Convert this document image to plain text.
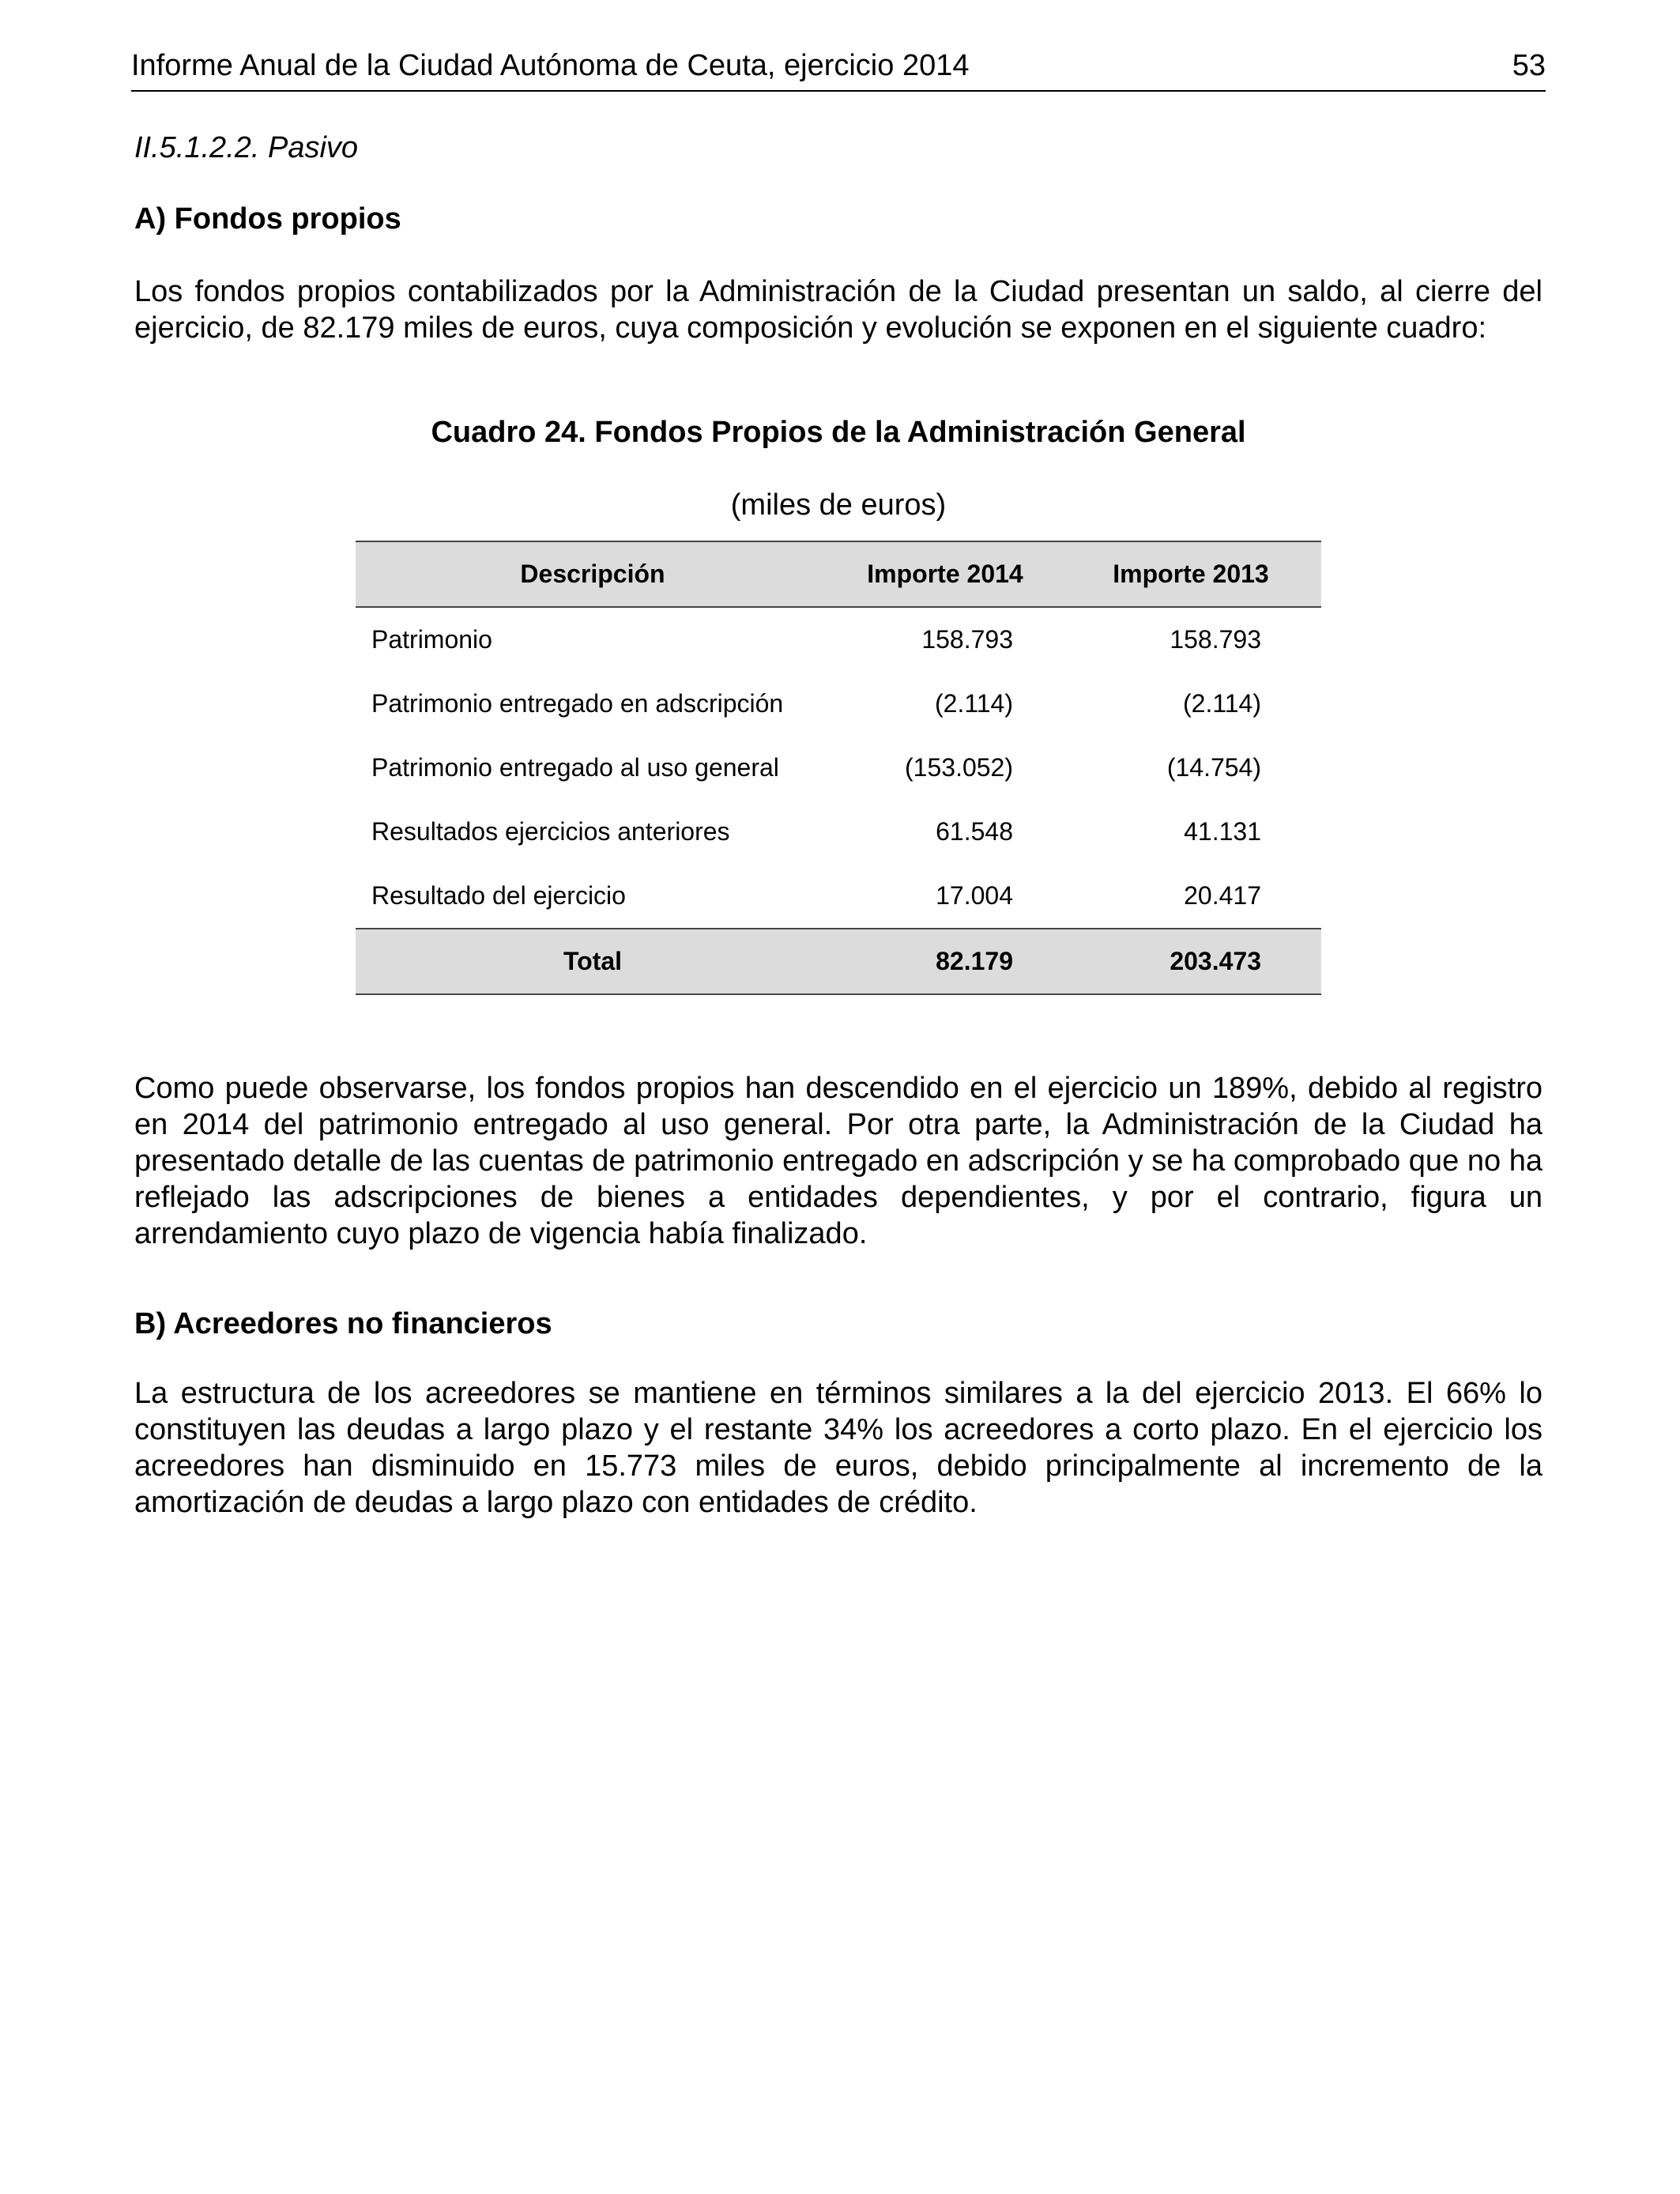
Informe Anual de la Ciudad Autónoma de Ceuta, ejercicio 2014	53
II.5.1.2.2. Pasivo
A) Fondos propios

Los fondos propios contabilizados por la Administración de la Ciudad presentan un saldo, al cierre del ejercicio, de 82.179 miles de euros, cuya composición y evolución se exponen en el siguiente cuadro:

Cuadro 24. Fondos Propios de la Administración General
(miles de euros)
Descripción	Importe 2014	Importe 2013
Patrimonio	158.793	158.793
Patrimonio entregado en adscripción	(2.114)	(2.114)
Patrimonio entregado al uso general	(153.052)	(14.754)
Resultados ejercicios anteriores	61.548	41.131
Resultado del ejercicio	17.004	20.417
Total	82.179	203.473

Como puede observarse, los fondos propios han descendido en el ejercicio un 189%, debido al registro en 2014 del patrimonio entregado al uso general. Por otra parte, la Administración de la Ciudad ha presentado detalle de las cuentas de patrimonio entregado en adscripción y se ha comprobado que no ha reflejado las adscripciones de bienes a entidades dependientes, y por el contrario, figura un arrendamiento cuyo plazo de vigencia había finalizado.

B) Acreedores no financieros

La estructura de los acreedores se mantiene en términos similares a la del ejercicio 2013. El 66% lo constituyen las deudas a largo plazo y el restante 34% los acreedores a corto plazo. En el ejercicio los acreedores han disminuido en 15.773 miles de euros, debido principalmente al incremento de la amortización de deudas a largo plazo con entidades de crédito.
